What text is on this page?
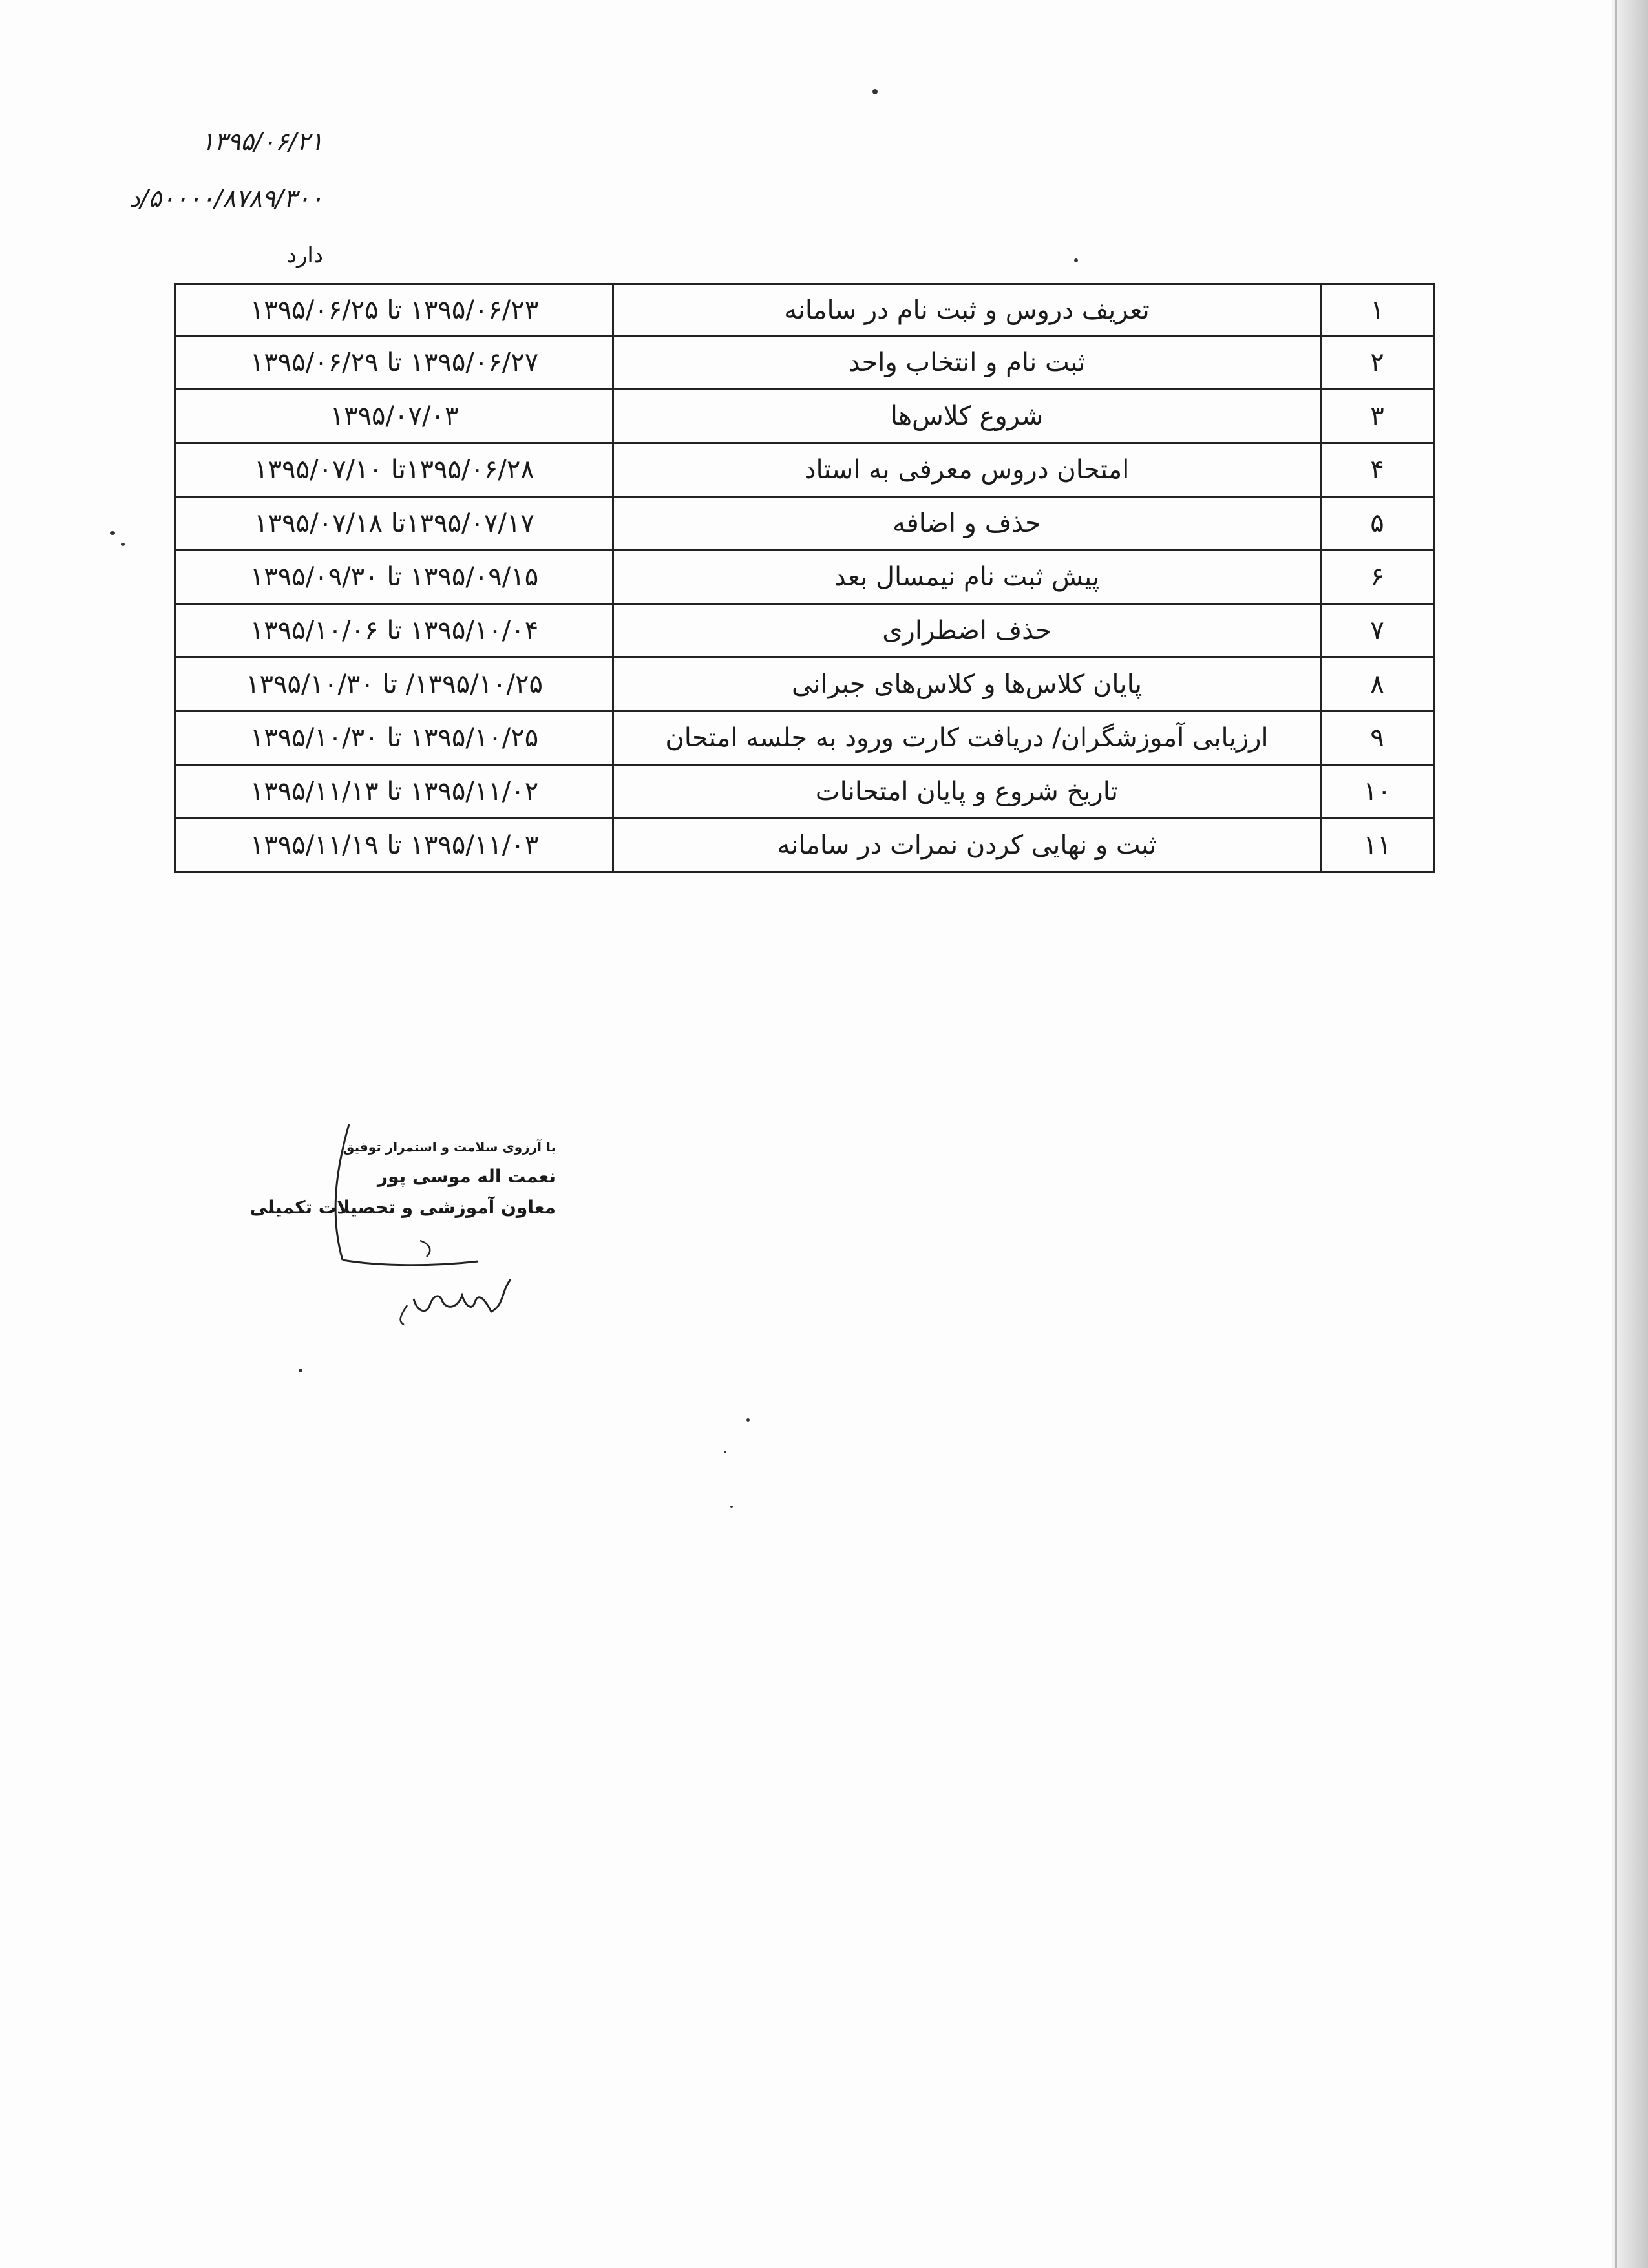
۱۳۹۵/۰۶/۲۱
۵۰۰۰۰/۸۷۸۹/۳۰۰/د
دارد
۱
تعریف دروس و ثبت نام در سامانه
۱۳۹۵/۰۶/۲۳ تا ۱۳۹۵/۰۶/۲۵
۲
ثبت نام و انتخاب واحد
۱۳۹۵/۰۶/۲۷ تا ۱۳۹۵/۰۶/۲۹
۳
شروع کلاس‌ها
۱۳۹۵/۰۷/۰۳
۴
امتحان دروس معرفی به استاد
۱۳۹۵/۰۶/۲۸تا ۱۳۹۵/۰۷/۱۰
۵
حذف و اضافه
۱۳۹۵/۰۷/۱۷تا ۱۳۹۵/۰۷/۱۸
۶
پیش ثبت نام نیمسال بعد
۱۳۹۵/۰۹/۱۵ تا ۱۳۹۵/۰۹/۳۰
۷
حذف اضطراری
۱۳۹۵/۱۰/۰۴ تا ۱۳۹۵/۱۰/۰۶
۸
پایان کلاس‌ها و کلاس‌های جبرانی
۱۳۹۵/۱۰/۲۵/ تا ۱۳۹۵/۱۰/۳۰
۹
ارزیابی آموزشگران/ دریافت کارت ورود به جلسه امتحان
۱۳۹۵/۱۰/۲۵ تا ۱۳۹۵/۱۰/۳۰
۱۰
تاریخ شروع و پایان امتحانات
۱۳۹۵/۱۱/۰۲ تا ۱۳۹۵/۱۱/۱۳
۱۱
ثبت و نهایی کردن نمرات در سامانه
۱۳۹۵/۱۱/۰۳ تا ۱۳۹۵/۱۱/۱۹
با آرزوی سلامت و استمرار توفیق
نعمت اله موسی پور
معاون آموزشی و تحصیلات تکمیلی
